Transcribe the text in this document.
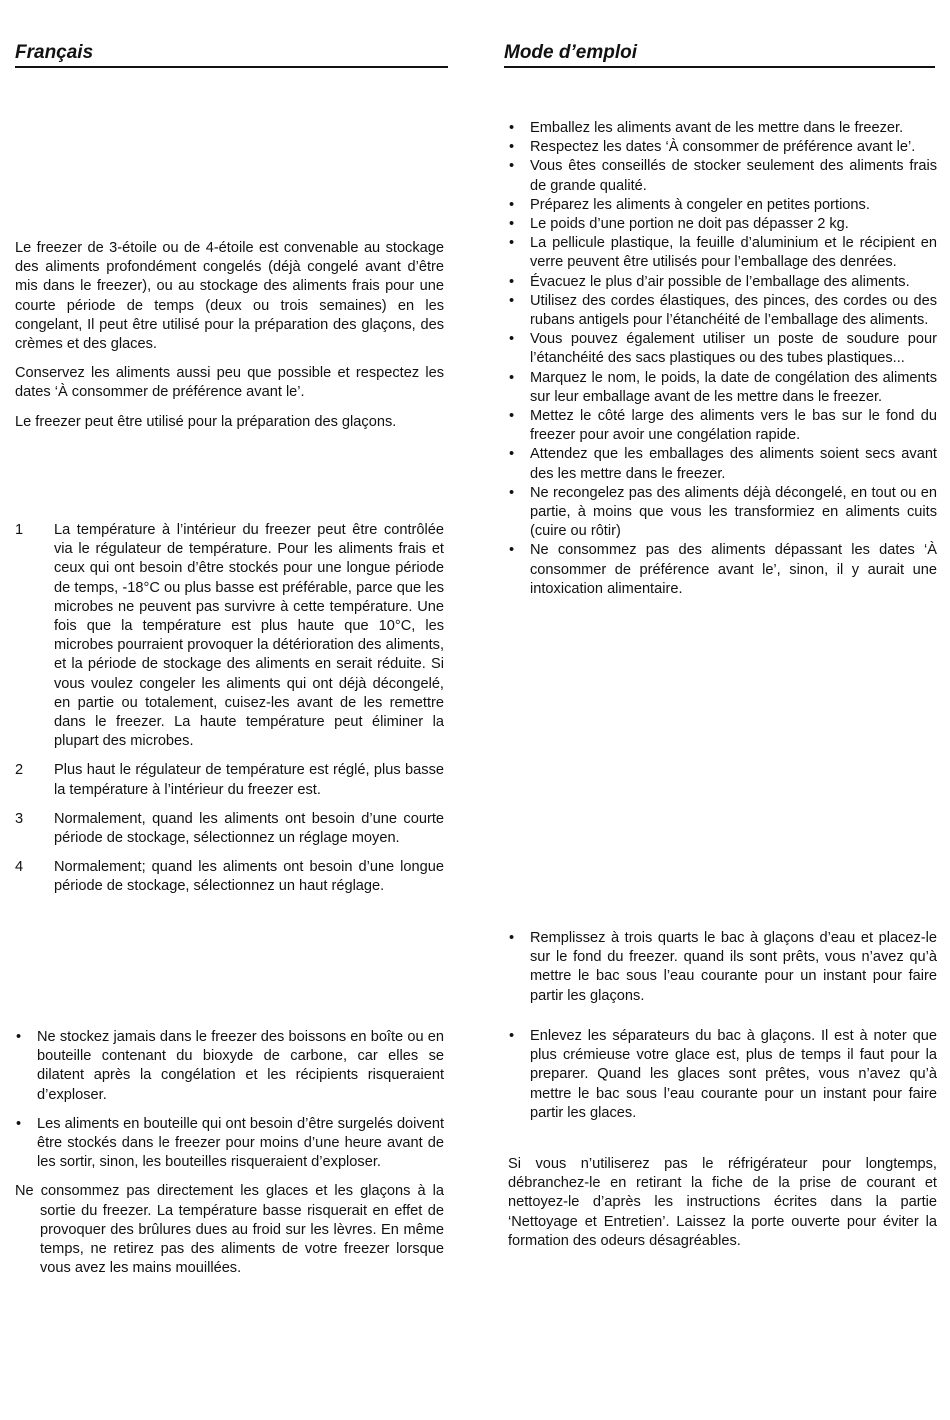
Français	Mode d’emploi

Le freezer de 3-étoile ou de 4-étoile est convenable au stockage des aliments profondément congelés (déjà congelé avant d’être mis dans le freezer), ou au stockage des aliments frais pour une courte période de temps (deux ou trois semaines) en les congelant, Il peut être utilisé pour la préparation des glaçons, des crèmes et des glaces.

Conservez les aliments aussi peu que possible et respectez les dates ‘À consommer de préférence avant le’.

Le freezer peut être utilisé pour la préparation des glaçons.

1 La température à l’intérieur du freezer peut être contrôlée via le régulateur de température. Pour les aliments frais et ceux qui ont besoin d’être stockés pour une longue période de temps, -18°C ou plus basse est préférable, parce que les microbes ne peuvent pas survivre à cette température. Une fois que la température est plus haute que 10°C, les microbes pourraient provoquer la détérioration des aliments, et la période de stockage des aliments en serait réduite. Si vous voulez congeler les aliments qui ont déjà décongelé, en partie ou totalement, cuisez-les avant de les remettre dans le freezer. La haute température peut éliminer la plupart des microbes.
2 Plus haut le régulateur de température est réglé, plus basse la température à l’intérieur du freezer est.
3 Normalement, quand les aliments ont besoin d’une courte période de stockage, sélectionnez un réglage moyen.
4 Normalement; quand les aliments ont besoin d’une longue période de stockage, sélectionnez un haut réglage.
• Ne stockez jamais dans le freezer des boissons en boîte ou en bouteille contenant du bioxyde de carbone, car elles se dilatent après la congélation et les récipients risqueraient d’exploser.
• Les aliments en bouteille qui ont besoin d’être surgelés doivent être stockés dans le freezer pour moins d’une heure avant de les sortir, sinon, les bouteilles risqueraient d’exploser.

Ne consommez pas directement les glaces et les glaçons à la sortie du freezer. La température basse risquerait en effet de provoquer des brûlures dues au froid sur les lèvres. En même temps, ne retirez pas des aliments de votre freezer lorsque vous avez les mains mouillées.

• Emballez les aliments avant de les mettre dans le freezer.
• Respectez les dates ‘À consommer de préférence avant le’.
• Vous êtes conseillés de stocker seulement des aliments frais de grande qualité.
• Préparez les aliments à congeler en petites portions.
• Le poids d’une portion ne doit pas dépasser 2 kg.
• La pellicule plastique, la feuille d’aluminium et le récipient en verre peuvent être utilisés pour l’emballage des denrées.
• Évacuez le plus d’air possible de l’emballage des aliments.
• Utilisez des cordes élastiques, des pinces, des cordes ou des rubans antigels pour l’étanchéité de l’emballage des aliments.
• Vous pouvez également utiliser un poste de soudure pour l’étanchéité des sacs plastiques ou des tubes plastiques...
• Marquez le nom, le poids, la date de congélation des aliments sur leur emballage avant de les mettre dans le freezer.
• Mettez le côté large des aliments vers le bas sur le fond du freezer pour avoir une congélation rapide.
• Attendez que les emballages des aliments soient secs avant des les mettre dans le freezer.
• Ne recongelez pas des aliments déjà décongelé, en tout ou en partie, à moins que vous les transformiez en aliments cuits (cuire ou rôtir)
• Ne consommez pas des aliments dépassant les dates ‘À consommer de préférence avant le’, sinon, il y aurait une intoxication alimentaire.
• Remplissez à trois quarts le bac à glaçons d’eau et placez-le sur le fond du freezer. quand ils sont prêts, vous n’avez qu’à mettre le bac sous l’eau courante pour un instant pour faire partir les glaçons.
• Enlevez les séparateurs du bac à glaçons. Il est à noter que plus crémieuse votre glace est, plus de temps il faut pour la preparer. Quand les glaces sont prêtes, vous n’avez qu’à mettre le bac sous l’eau courante pour un instant pour faire partir les glaces.

Si vous n’utiliserez pas le réfrigérateur pour longtemps, débranchez-le en retirant la fiche de la prise de courant et nettoyez-le d’après les instructions écrites dans la partie ‘Nettoyage et Entretien’. Laissez la porte ouverte pour éviter la formation des odeurs désagréables.
